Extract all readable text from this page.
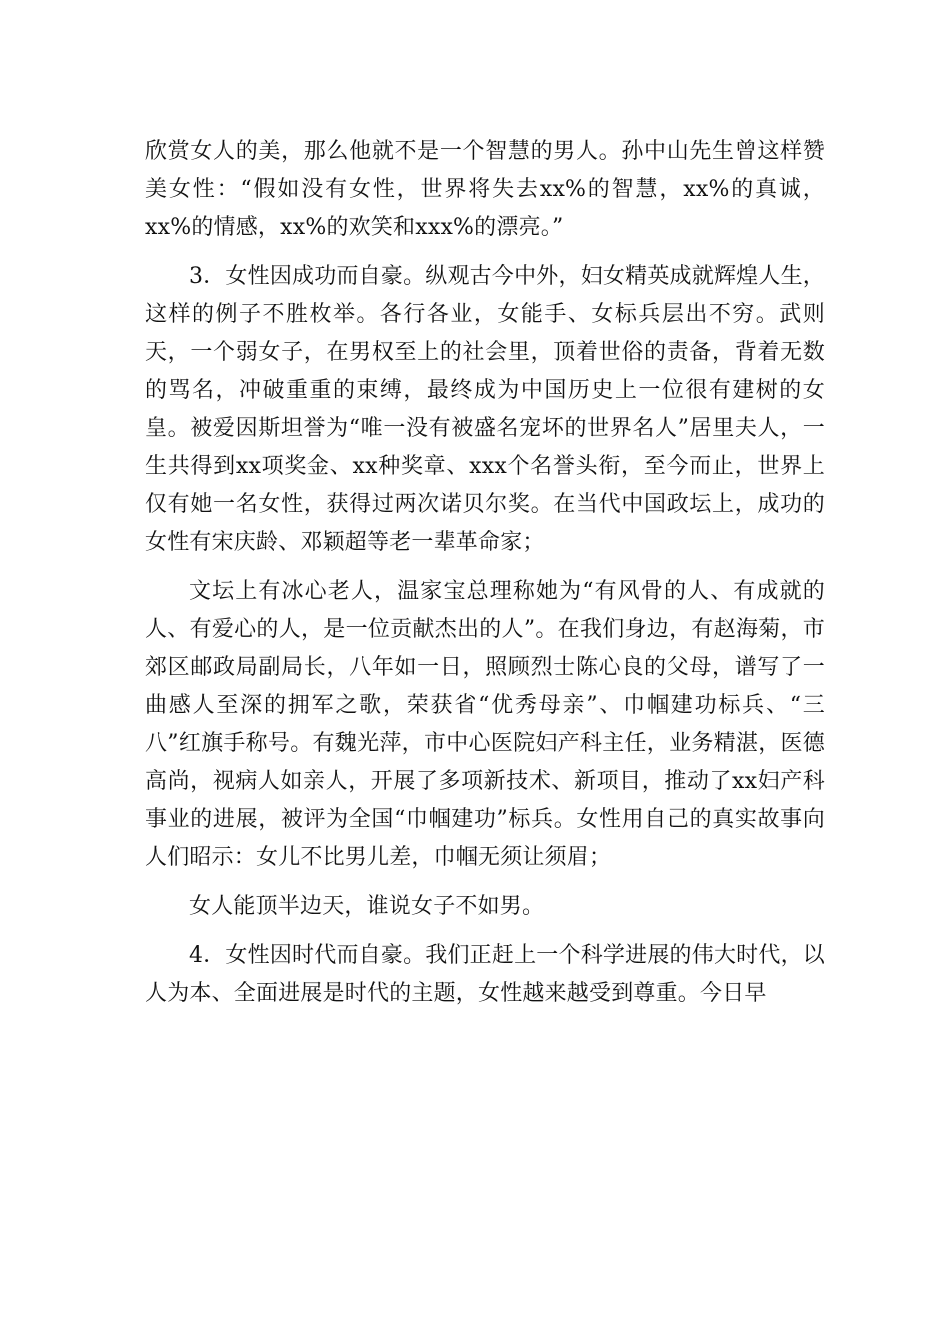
欣赏女人的美，那么他就不是一个智慧的男人。孙中山先生曾这样赞美女性：“假如没有女性，世界将失去xx%的智慧，xx%的真诚，xx%的情感，xx%的欢笑和xxx%的漂亮。”

3．女性因成功而自豪。纵观古今中外，妇女精英成就辉煌人生，这样的例子不胜枚举。各行各业，女能手、女标兵层出不穷。武则天，一个弱女子，在男权至上的社会里，顶着世俗的责备，背着无数的骂名，冲破重重的束缚，最终成为中国历史上一位很有建树的女皇。被爱因斯坦誉为“唯一没有被盛名宠坏的世界名人”居里夫人，一生共得到xx项奖金、xx种奖章、xxx个名誉头衔，至今而止，世界上仅有她一名女性，获得过两次诺贝尔奖。在当代中国政坛上，成功的女性有宋庆龄、邓颖超等老一辈革命家；

文坛上有冰心老人，温家宝总理称她为“有风骨的人、有成就的人、有爱心的人，是一位贡献杰出的人”。在我们身边，有赵海菊，市郊区邮政局副局长，八年如一日，照顾烈士陈心良的父母，谱写了一曲感人至深的拥军之歌，荣获省“优秀母亲”、巾帼建功标兵、“三八”红旗手称号。有魏光萍，市中心医院妇产科主任，业务精湛，医德高尚，视病人如亲人，开展了多项新技术、新项目，推动了xx妇产科事业的进展，被评为全国“巾帼建功”标兵。女性用自己的真实故事向人们昭示：女儿不比男儿差，巾帼无须让须眉；

女人能顶半边天，谁说女子不如男。

4．女性因时代而自豪。我们正赶上一个科学进展的伟大时代，以人为本、全面进展是时代的主题，女性越来越受到尊重。今日早
